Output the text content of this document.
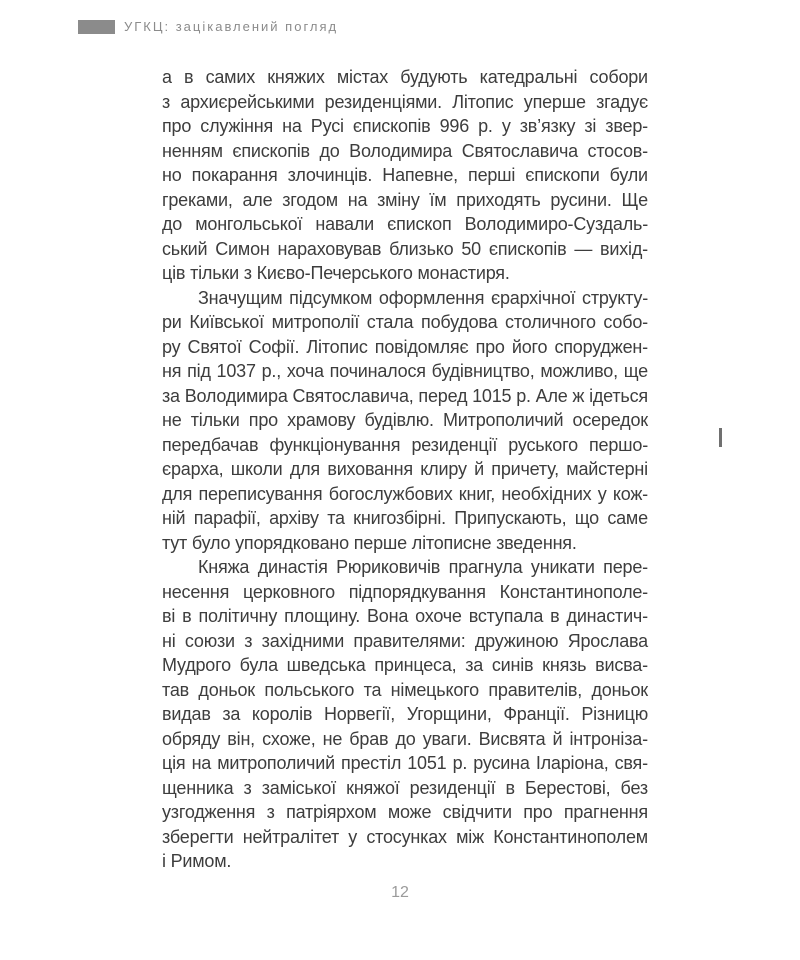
УГКЦ: зацікавлений погляд
а в самих княжих містах будують катедральні собори
з архиєрейськими резиденціями. Літопис уперше згадує
про служіння на Русі єпископів 996 р. у зв’язку зі звер-
ненням єпископів до Володимира Святославича стосов-
но покарання злочинців. Напевне, перші єпископи були
греками, але згодом на зміну їм приходять русини. Ще
до монгольської навали єпископ Володимиро-Суздаль-
ський Симон нараховував близько 50 єпископів — вихід-
ців тільки з Києво-Печерського монастиря.
Значущим підсумком оформлення єрархічної структу-
ри Київської митрополії стала побудова столичного собо-
ру Святої Софії. Літопис повідомляє про його споруджен-
ня під 1037 р., хоча починалося будівництво, можливо, ще
за Володимира Святославича, перед 1015 р. Але ж ідеться
не тільки про храмову будівлю. Митрополичий осередок
передбачав функціонування резиденції руського першо-
єрарха, школи для виховання клиру й причету, майстерні
для переписування богослужбових книг, необхідних у кож-
ній парафії, архіву та книгозбірні. Припускають, що саме
тут було упорядковано перше літописне зведення.
Княжа династія Рюриковичів прагнула уникати пере-
несення церковного підпорядкування Константинополе-
ві в політичну площину. Вона охоче вступала в династич-
ні союзи з західними правителями: дружиною Ярослава
Мудрого була шведська принцеса, за синів князь висва-
тав доньок польського та німецького правителів, доньок
видав за королів Норвегії, Угорщини, Франції. Різницю
обряду він, схоже, не брав до уваги. Висвята й інтроніза-
ція на митрополичий престіл 1051 р. русина Іларіона, свя-
щенника з заміської княжої резиденції в Берестові, без
узгодження з патріярхом може свідчити про прагнення
зберегти нейтралітет у стосунках між Константинополем
і Римом.
12
